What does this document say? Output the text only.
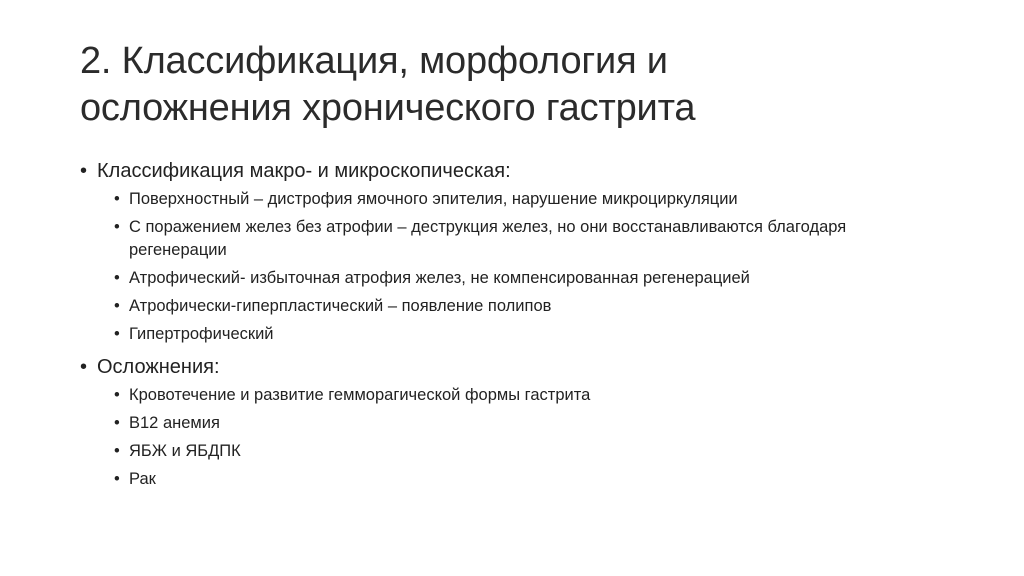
2. Классификация, морфология и
осложнения хронического гастрита
• Классификация макро- и микроскопическая:
• Поверхностный – дистрофия ямочного эпителия, нарушение микроциркуляции
• С поражением желез без атрофии – деструкция желез, но они восстанавливаются благодаря регенерации
• Атрофический- избыточная атрофия желез, не компенсированная регенерацией
• Атрофически-гиперпластический – появление полипов
• Гипертрофический
• Осложнения:
• Кровотечение и развитие гемморагической формы гастрита
• В12 анемия
• ЯБЖ и ЯБДПК
• Рак
